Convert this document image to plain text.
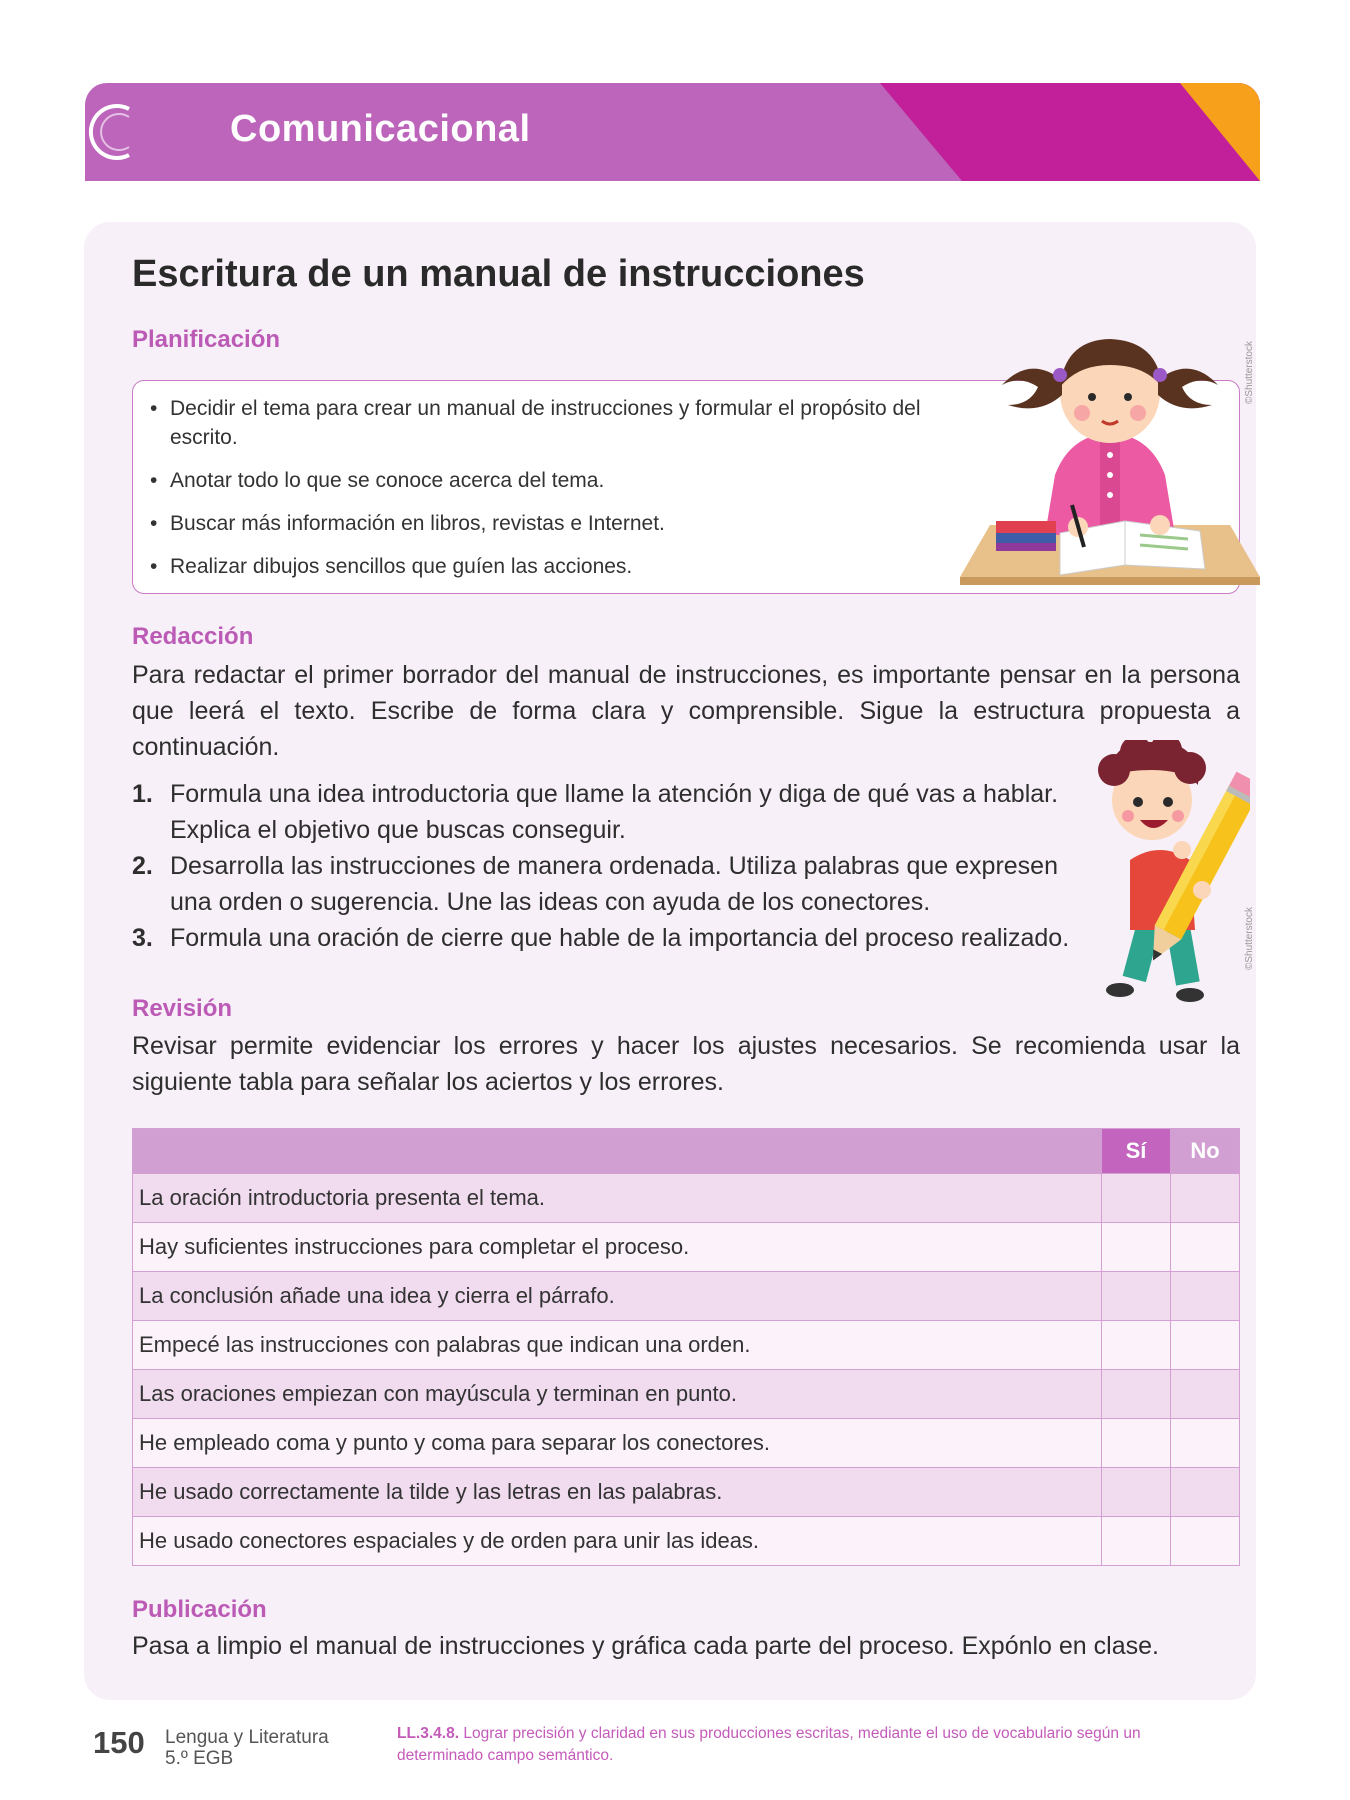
Comunicacional
DUA
Participación
Escritura de un manual de instrucciones
Planificación
• Decidir el tema para crear un manual de instrucciones y formular el propósito del escrito.
• Anotar todo lo que se conoce acerca del tema.
• Buscar más información en libros, revistas e Internet.
• Realizar dibujos sencillos que guíen las acciones.
©Shutterstock
Redacción

Para redactar el primer borrador del manual de instrucciones, es importante pensar en la persona que leerá el texto. Escribe de forma clara y comprensible. Sigue la estructura propuesta a continuación.

1. Formula una idea introductoria que llame la atención y diga de qué vas a hablar. Explica el objetivo que buscas conseguir.
2. Desarrolla las instrucciones de manera ordenada. Utiliza palabras que expresen una orden o sugerencia. Une las ideas con ayuda de los conectores.
3. Formula una oración de cierre que hable de la importancia del proceso realizado.	©Shutterstock
Revisión

Revisar permite evidenciar los errores y hacer los ajustes necesarios. Se recomienda usar la siguiente tabla para señalar los aciertos y los errores.

	Sí	No
La oración introductoria presenta el tema.		
Hay suficientes instrucciones para completar el proceso.		
La conclusión añade una idea y cierra el párrafo.		
Empecé las instrucciones con palabras que indican una orden.		
Las oraciones empiezan con mayúscula y terminan en punto.		
He empleado coma y punto y coma para separar los conectores.		
He usado correctamente la tilde y las letras en las palabras.		
He usado conectores espaciales y de orden para unir las ideas.		
Publicación

Pasa a limpio el manual de instrucciones y gráfica cada parte del proceso. Expónlo en clase.

150 Lengua y Literatura
5.º EGB
LL.3.4.8. Lograr precisión y claridad en sus producciones escritas, mediante el uso de vocabulario según un determinado campo semántico.
